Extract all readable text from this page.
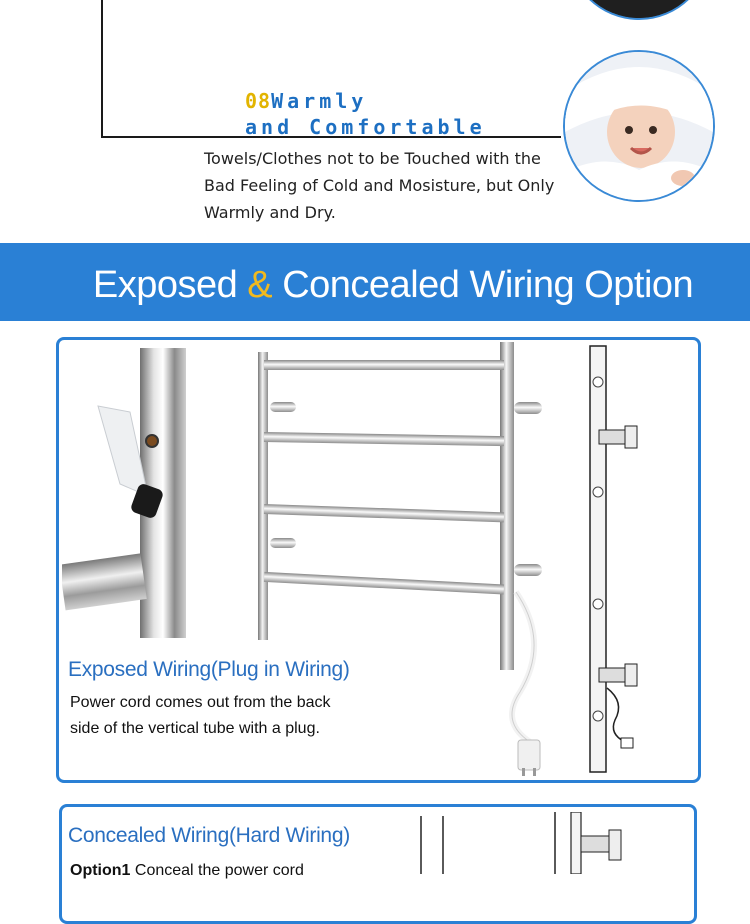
08Warmly
and Comfortable
Towels/Clothes not to be Touched with the Bad Feeling of Cold and Mosisture, but Only Warmly and Dry.
Exposed & Concealed Wiring Option
Exposed Wiring(Plug in Wiring)
Power cord comes out from the back
side of the vertical tube with a plug.
Concealed Wiring(Hard Wiring)
Option1 Conceal the power cord
